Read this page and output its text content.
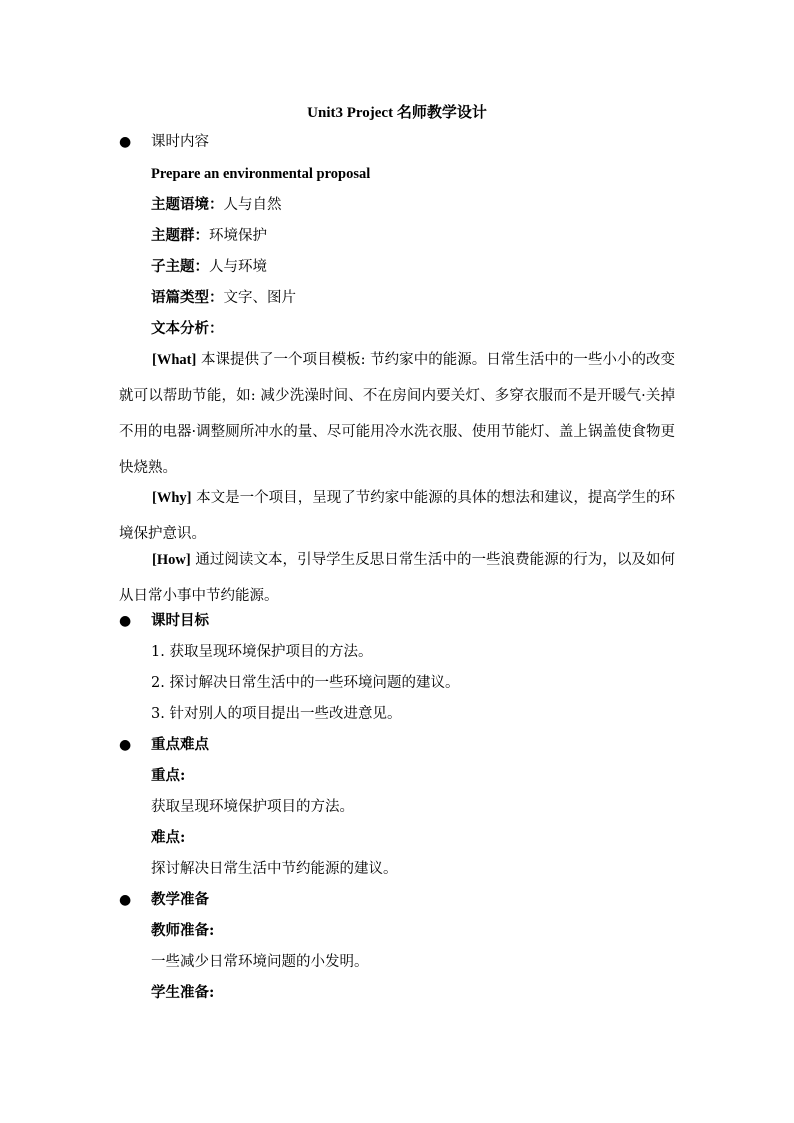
Unit3 Project 名师教学设计
● 课时内容
Prepare an environmental proposal
主题语境：人与自然
主题群：环境保护
子主题：人与环境
语篇类型：文字、图片
文本分析：
[What] 本课提供了一个项目模板: 节约家中的能源。日常生活中的一些小小的改变就可以帮助节能，如: 减少洗澡时间、不在房间内要关灯、多穿衣服而不是开暖气·关掉不用的电器·调整厕所冲水的量、尽可能用冷水洗衣服、使用节能灯、盖上锅盖使食物更快烧熟。
[Why] 本文是一个项目，呈现了节约家中能源的具体的想法和建议，提高学生的环境保护意识。
[How] 通过阅读文本，引导学生反思日常生活中的一些浪费能源的行为，以及如何从日常小事中节约能源。
● 课时目标
1. 获取呈现环境保护项目的方法。
2. 探讨解决日常生活中的一些环境问题的建议。
3. 针对别人的项目提出一些改进意见。
● 重点难点
重点:
获取呈现环境保护项目的方法。
难点:
探讨解决日常生活中节约能源的建议。
● 教学准备
教师准备:
一些减少日常环境问题的小发明。
学生准备:
